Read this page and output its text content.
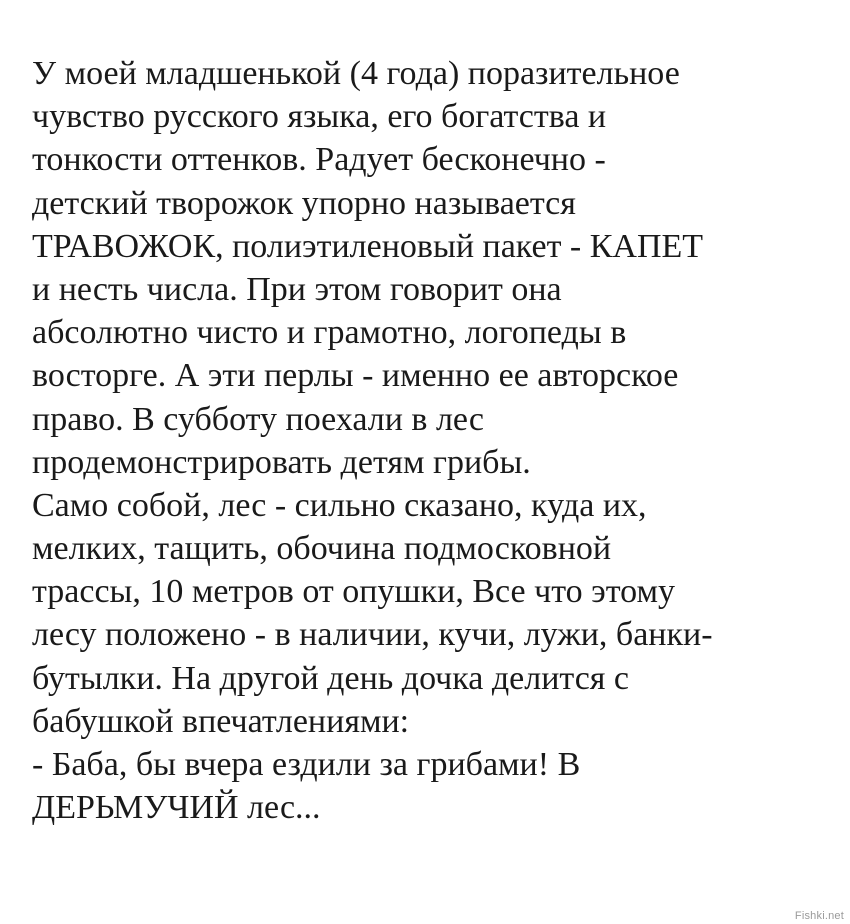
У моей младшенькой (4 года) поразительное
чувство русского языка, его богатства и
тонкости оттенков. Радует бесконечно -
детский творожок упорно называется
ТРАВОЖОК, полиэтиленовый пакет - КАПЕТ
и несть числа. При этом говорит она
абсолютно чисто и грамотно, логопеды в
восторге. А эти перлы - именно ее авторское
право. В субботу поехали в лес
продемонстрировать детям грибы.
Само собой, лес - сильно сказано, куда их,
мелких, тащить, обочина подмосковной
трассы, 10 метров от опушки, Все что этому
лесу положено - в наличии, кучи, лужи, банки-
бутылки. На другой день дочка делится с
бабушкой впечатлениями:
- Баба, бы вчера ездили за грибами! В
ДЕРЬМУЧИЙ лес...
Fishki.net
